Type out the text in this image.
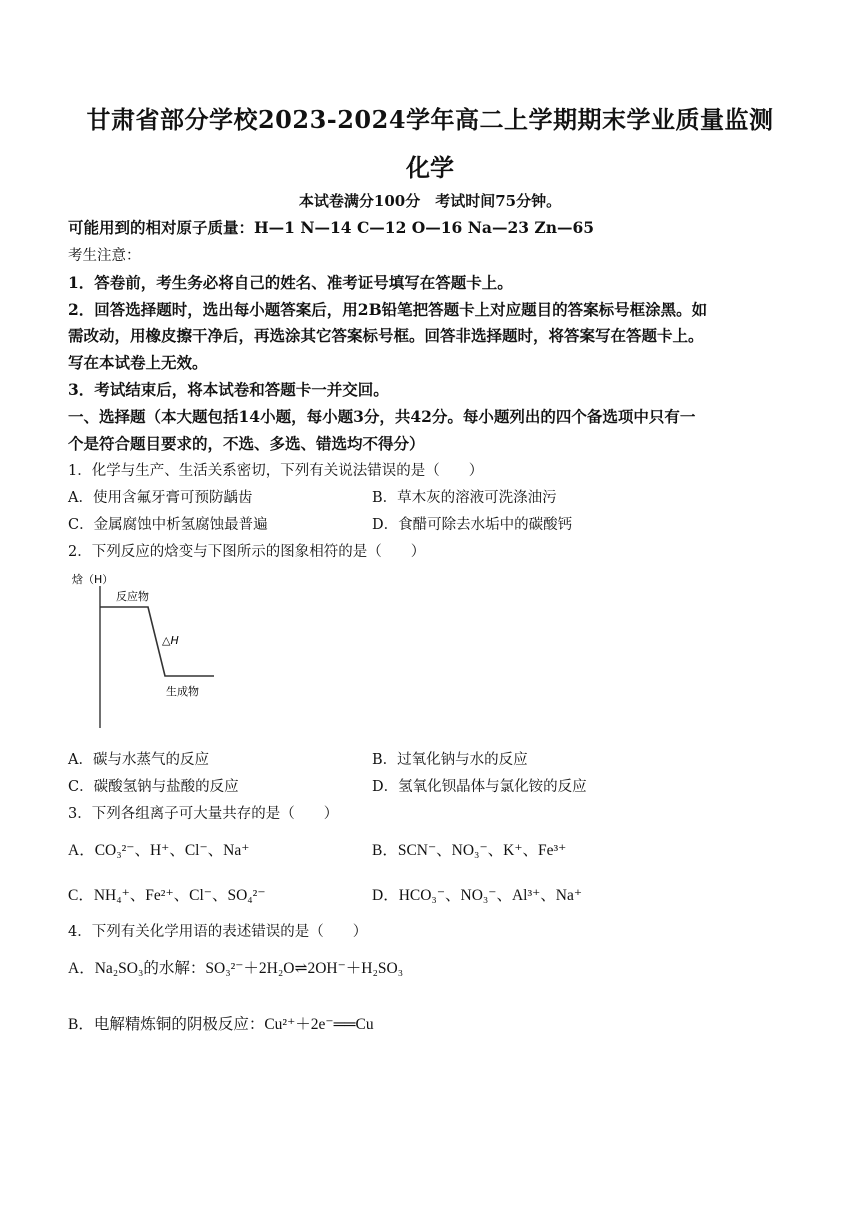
甘肃省部分学校2023-2024学年高二上学期期末学业质量监测
化学
本试卷满分100分　考试时间75分钟。
可能用到的相对原子质量：H—1 N—14 C—12 O—16 Na—23 Zn—65
考生注意：
1．答卷前，考生务必将自己的姓名、准考证号填写在答题卡上。
2．回答选择题时，选出每小题答案后，用2B铅笔把答题卡上对应题目的答案标号框涂黑。如
需改动，用橡皮擦干净后，再选涂其它答案标号框。回答非选择题时，将答案写在答题卡上。
写在本试卷上无效。
3．考试结束后，将本试卷和答题卡一并交回。
一、选择题（本大题包括14小题，每小题3分，共42分。每小题列出的四个备选项中只有一
个是符合题目要求的，不选、多选、错选均不得分）
1．化学与生产、生活关系密切，下列有关说法错误的是（　　）
A．使用含氟牙膏可预防龋齿	B．草木灰的溶液可洗涤油污
C．金属腐蚀中析氢腐蚀最普遍	D．食醋可除去水垢中的碳酸钙
2．下列反应的焓变与下图所示的图象相符的是（　　）
焓（H）
反应物
△H
生成物
A．碳与水蒸气的反应	B．过氧化钠与水的反应
C．碳酸氢钠与盐酸的反应	D．氢氧化钡晶体与氯化铵的反应
3．下列各组离子可大量共存的是（　　）
A．CO₃²⁻、H⁺、Cl⁻、Na⁺	B．SCN⁻、NO₃⁻、K⁺、Fe³⁺
C．NH₄⁺、Fe²⁺、Cl⁻、SO₄²⁻	D．HCO₃⁻、NO₃⁻、Al³⁺、Na⁺
4．下列有关化学用语的表述错误的是（　　）
A．Na₂SO₃的水解：SO₃²⁻＋2H₂O⇌2OH⁻＋H₂SO₃
B．电解精炼铜的阴极反应：Cu²⁺＋2e⁻══Cu
